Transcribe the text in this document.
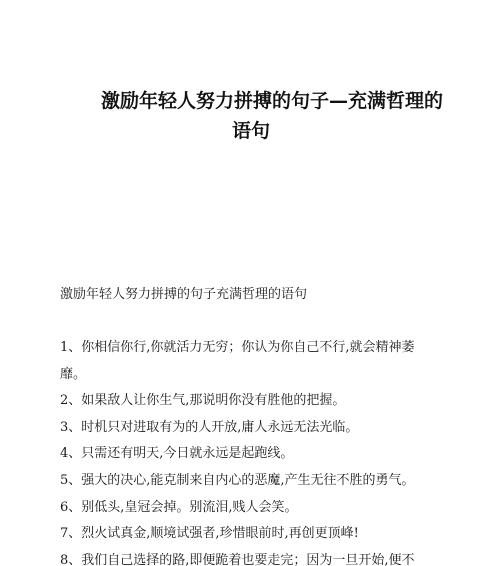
激励年轻人努力拼搏的句子—充满哲理的
语句

激励年轻人努力拼搏的句子充满哲理的语句

1、你相信你行,你就活力无穷；你认为你自己不行,就会精神萎
靡。
2、如果敌人让你生气,那说明你没有胜他的把握。
3、时机只对进取有为的人开放,庸人永远无法光临。
4、只需还有明天,今日就永远是起跑线。
5、强大的决心,能克制来自内心的恶魔,产生无往不胜的勇气。
6、别低头,皇冠会掉。别流泪,贱人会笑。
7、烈火试真金,顺境试强者,珍惜眼前时,再创更顶峰!
8、我们自己选择的路,即便跪着也要走完；因为一旦开始,便不
